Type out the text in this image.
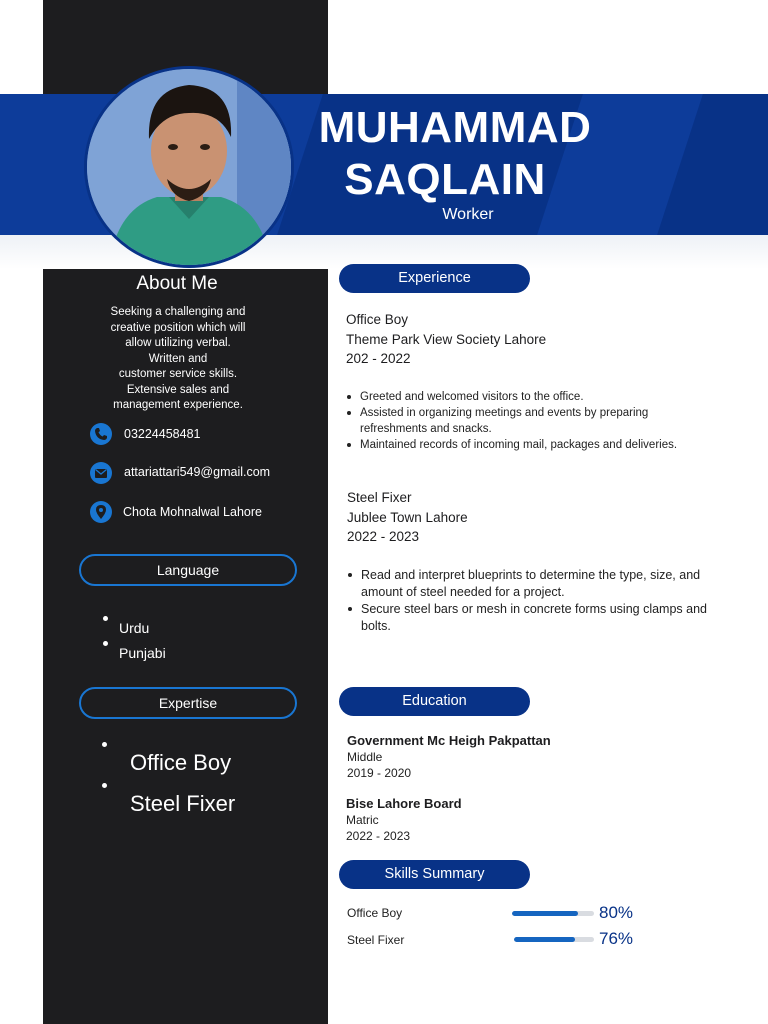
MUHAMMAD
SAQLAIN
Worker
About Me
Seeking a challenging and
creative position which will
allow utilizing verbal.
Written and
customer service skills.
Extensive sales and
management experience.
03224458481
attariattari549@gmail.com
Chota Mohnalwal Lahore
Language
Urdu
Punjabi
Expertise
Office Boy
Steel Fixer
Experience
Office Boy
Theme Park View Society Lahore
202 - 2022
Greeted and welcomed visitors to the office.
Assisted in organizing meetings and events by preparing refreshments and snacks.
Maintained records of incoming mail, packages and deliveries.
Steel Fixer
Jublee Town Lahore
2022 - 2023
Read and interpret blueprints to determine the type, size, and amount of steel needed for a project.
Secure steel bars or mesh in concrete forms using clamps and bolts.
Education
Government Mc Heigh Pakpattan
Middle
2019 - 2020
Bise Lahore Board
Matric
2022 - 2023
Skills Summary
Office Boy	80%
Steel Fixer	76%
